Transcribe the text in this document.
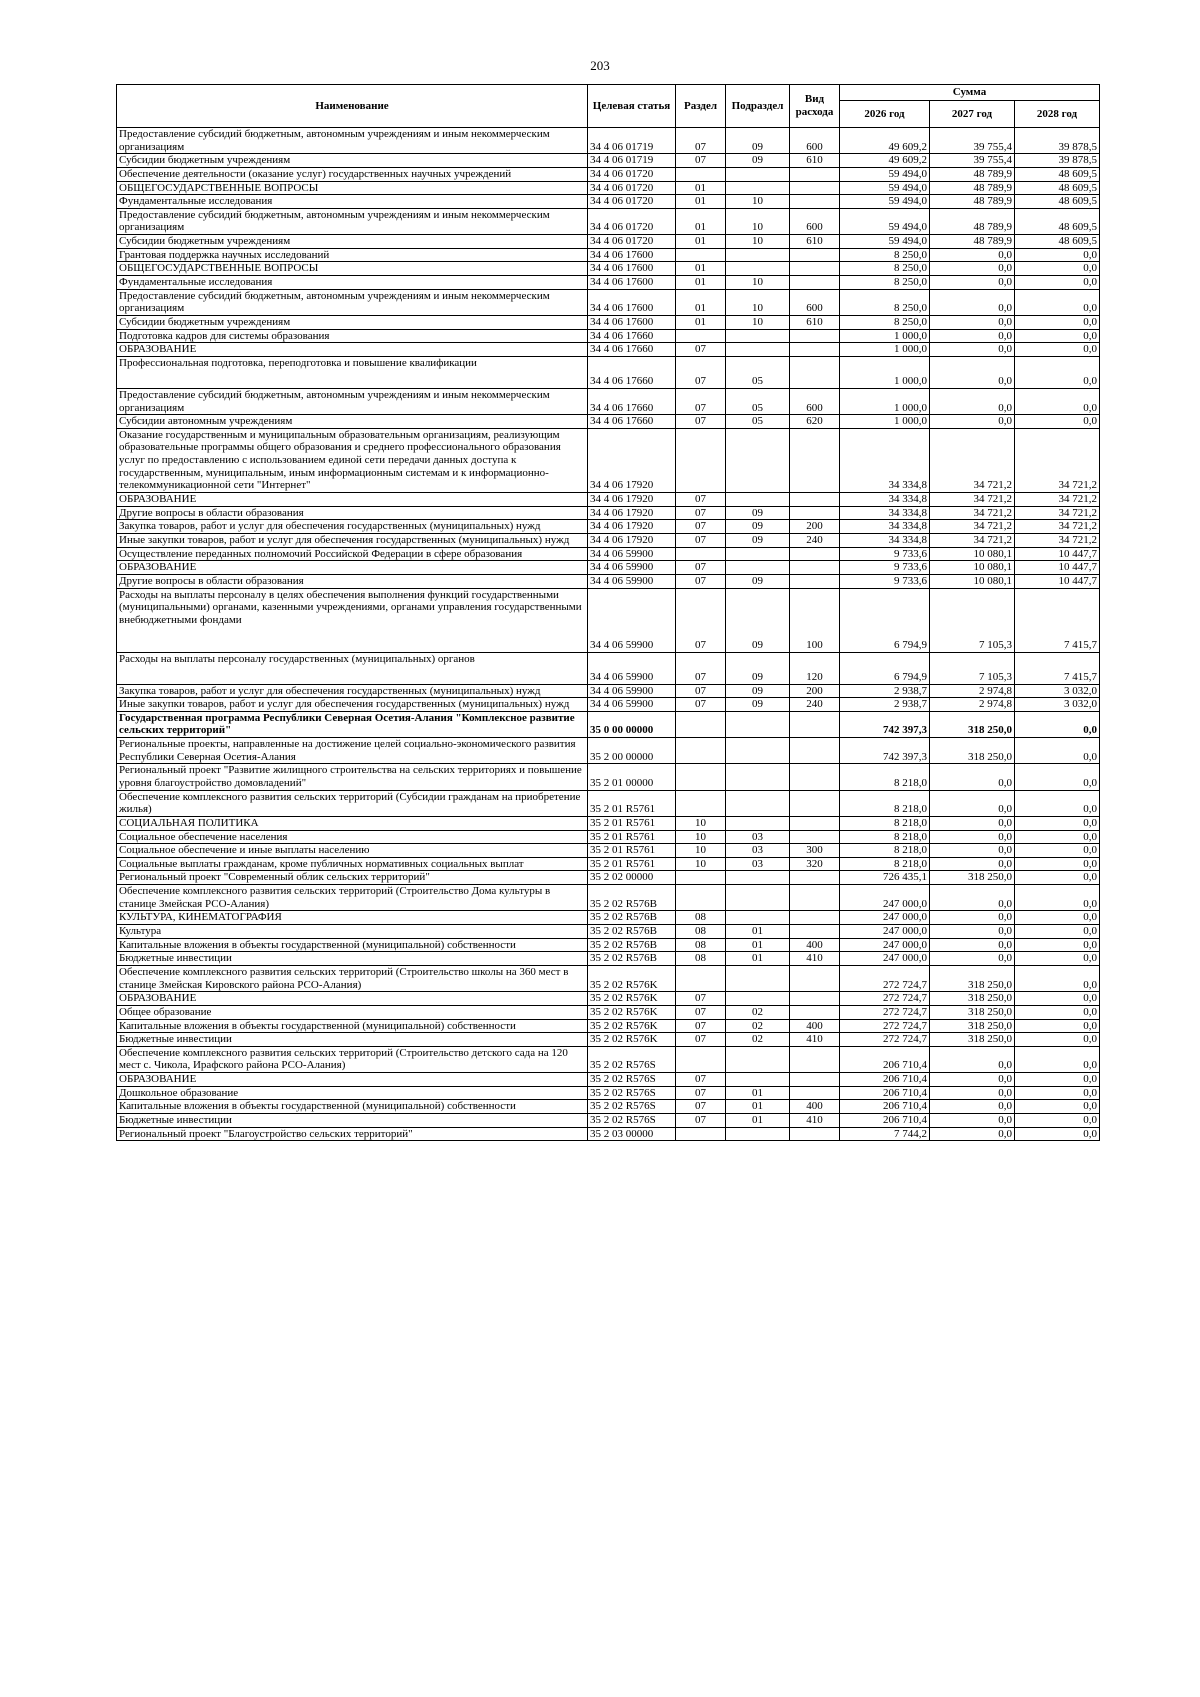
203
Наименование	Целевая статья	Раздел	Подраздел	Вид расхода	Сумма		
					2026 год	2027 год	2028 год
Предоставление субсидий бюджетным, автономным учреждениям и иным некоммерческим организациям	34 4 06 01719	07	09	600	49 609,2	39 755,4	39 878,5
Субсидии бюджетным учреждениям	34 4 06 01719	07	09	610	49 609,2	39 755,4	39 878,5
Обеспечение деятельности (оказание услуг) государственных научных учреждений	34 4 06 01720				59 494,0	48 789,9	48 609,5
ОБЩЕГОСУДАРСТВЕННЫЕ ВОПРОСЫ	34 4 06 01720	01			59 494,0	48 789,9	48 609,5
Фундаментальные исследования	34 4 06 01720	01	10		59 494,0	48 789,9	48 609,5
Предоставление субсидий бюджетным, автономным учреждениям и иным некоммерческим организациям	34 4 06 01720	01	10	600	59 494,0	48 789,9	48 609,5
Субсидии бюджетным учреждениям	34 4 06 01720	01	10	610	59 494,0	48 789,9	48 609,5
Грантовая поддержка научных исследований	34 4 06 17600				8 250,0	0,0	0,0
ОБЩЕГОСУДАРСТВЕННЫЕ ВОПРОСЫ	34 4 06 17600	01			8 250,0	0,0	0,0
Фундаментальные исследования	34 4 06 17600	01	10		8 250,0	0,0	0,0
Предоставление субсидий бюджетным, автономным учреждениям и иным некоммерческим организациям	34 4 06 17600	01	10	600	8 250,0	0,0	0,0
Субсидии бюджетным учреждениям	34 4 06 17600	01	10	610	8 250,0	0,0	0,0
Подготовка кадров для системы образования	34 4 06 17660				1 000,0	0,0	0,0
ОБРАЗОВАНИЕ	34 4 06 17660	07			1 000,0	0,0	0,0
Профессиональная подготовка, переподготовка и повышение квалификации	34 4 06 17660	07	05		1 000,0	0,0	0,0
Предоставление субсидий бюджетным, автономным учреждениям и иным некоммерческим организациям	34 4 06 17660	07	05	600	1 000,0	0,0	0,0
Субсидии автономным учреждениям	34 4 06 17660	07	05	620	1 000,0	0,0	0,0
Оказание государственным и муниципальным образовательным организациям, реализующим образовательные программы общего образования и среднего профессионального образования услуг по предоставлению с использованием единой сети передачи данных доступа к государственным, муниципальным, иным информационным системам и к информационно-телекоммуникационной сети "Интернет"	34 4 06 17920				34 334,8	34 721,2	34 721,2
ОБРАЗОВАНИЕ	34 4 06 17920	07			34 334,8	34 721,2	34 721,2
Другие вопросы в области образования	34 4 06 17920	07	09		34 334,8	34 721,2	34 721,2
Закупка товаров, работ и услуг для обеспечения государственных (муниципальных) нужд	34 4 06 17920	07	09	200	34 334,8	34 721,2	34 721,2
Иные закупки товаров, работ и услуг для обеспечения государственных (муниципальных) нужд	34 4 06 17920	07	09	240	34 334,8	34 721,2	34 721,2
Осуществление переданных полномочий Российской Федерации в сфере образования	34 4 06 59900				9 733,6	10 080,1	10 447,7
ОБРАЗОВАНИЕ	34 4 06 59900	07			9 733,6	10 080,1	10 447,7
Другие вопросы в области образования	34 4 06 59900	07	09		9 733,6	10 080,1	10 447,7
Расходы на выплаты персоналу в целях обеспечения выполнения функций государственными (муниципальными) органами, казенными учреждениями, органами управления государственными внебюджетными фондами	34 4 06 59900	07	09	100	6 794,9	7 105,3	7 415,7
Расходы на выплаты персоналу государственных (муниципальных) органов	34 4 06 59900	07	09	120	6 794,9	7 105,3	7 415,7
Закупка товаров, работ и услуг для обеспечения государственных (муниципальных) нужд	34 4 06 59900	07	09	200	2 938,7	2 974,8	3 032,0
Иные закупки товаров, работ и услуг для обеспечения государственных (муниципальных) нужд	34 4 06 59900	07	09	240	2 938,7	2 974,8	3 032,0
Государственная программа Республики Северная Осетия-Алания "Комплексное развитие сельских территорий"	35 0 00 00000				742 397,3	318 250,0	0,0
Региональные проекты, направленные на достижение целей социально-экономического развития Республики Северная Осетия-Алания	35 2 00 00000				742 397,3	318 250,0	0,0
Региональный проект "Развитие жилищного строительства на сельских территориях и повышение уровня благоустройство домовладений"	35 2 01 00000				8 218,0	0,0	0,0
Обеспечение комплексного развития сельских территорий (Субсидии гражданам на приобретение жилья)	35 2 01 R5761				8 218,0	0,0	0,0
СОЦИАЛЬНАЯ ПОЛИТИКА	35 2 01 R5761	10			8 218,0	0,0	0,0
Социальное обеспечение населения	35 2 01 R5761	10	03		8 218,0	0,0	0,0
Социальное обеспечение и иные выплаты населению	35 2 01 R5761	10	03	300	8 218,0	0,0	0,0
Социальные выплаты гражданам, кроме публичных нормативных социальных выплат	35 2 01 R5761	10	03	320	8 218,0	0,0	0,0
Региональный проект "Современный облик сельских территорий"	35 2 02 00000				726 435,1	318 250,0	0,0
Обеспечение комплексного развития сельских территорий (Строительство Дома культуры в станице Змейская РСО-Алания)	35 2 02 R576B				247 000,0	0,0	0,0
КУЛЬТУРА, КИНЕМАТОГРАФИЯ	35 2 02 R576B	08			247 000,0	0,0	0,0
Культура	35 2 02 R576B	08	01		247 000,0	0,0	0,0
Капитальные вложения в объекты государственной (муниципальной) собственности	35 2 02 R576B	08	01	400	247 000,0	0,0	0,0
Бюджетные инвестиции	35 2 02 R576B	08	01	410	247 000,0	0,0	0,0
Обеспечение комплексного развития сельских территорий (Строительство школы на 360 мест в станице Змейская Кировского района РСО-Алания)	35 2 02 R576K				272 724,7	318 250,0	0,0
ОБРАЗОВАНИЕ	35 2 02 R576K	07			272 724,7	318 250,0	0,0
Общее образование	35 2 02 R576K	07	02		272 724,7	318 250,0	0,0
Капитальные вложения в объекты государственной (муниципальной) собственности	35 2 02 R576K	07	02	400	272 724,7	318 250,0	0,0
Бюджетные инвестиции	35 2 02 R576K	07	02	410	272 724,7	318 250,0	0,0
Обеспечение комплексного развития сельских территорий (Строительство детского сада на 120 мест с. Чикола, Ирафского района РСО-Алания)	35 2 02 R576S				206 710,4	0,0	0,0
ОБРАЗОВАНИЕ	35 2 02 R576S	07			206 710,4	0,0	0,0
Дошкольное образование	35 2 02 R576S	07	01		206 710,4	0,0	0,0
Капитальные вложения в объекты государственной (муниципальной) собственности	35 2 02 R576S	07	01	400	206 710,4	0,0	0,0
Бюджетные инвестиции	35 2 02 R576S	07	01	410	206 710,4	0,0	0,0
Региональный проект "Благоустройство сельских территорий"	35 2 03 00000				7 744,2	0,0	0,0
